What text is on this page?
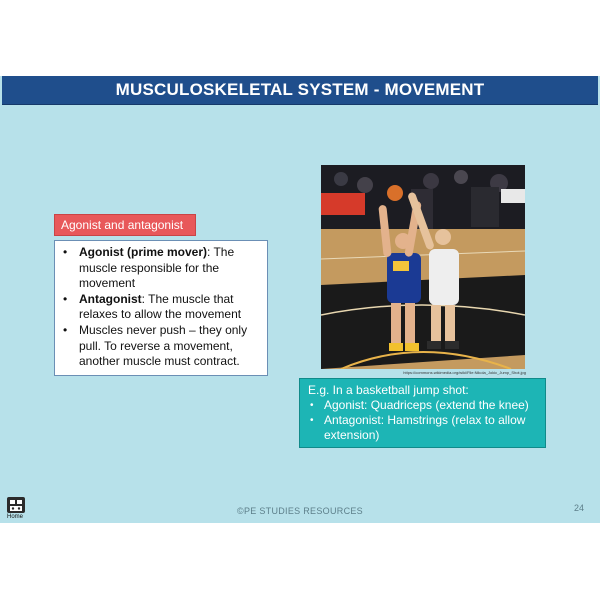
MUSCULOSKELETAL SYSTEM - MOVEMENT
Agonist and antagonist
• Agonist (prime mover): The muscle responsible for the movement
• Antagonist: The muscle that relaxes to allow the movement
• Muscles never push – they only pull. To reverse a movement, another muscle must contract.
https://commons.wikimedia.org/wiki/File:Nikola_Jokic_Jump_Shot.jpg
E.g. In a basketball jump shot:
• Agonist: Quadriceps (extend the knee)
• Antagonist: Hamstrings (relax to allow extension)
Home
©PE STUDIES RESOURCES	24
